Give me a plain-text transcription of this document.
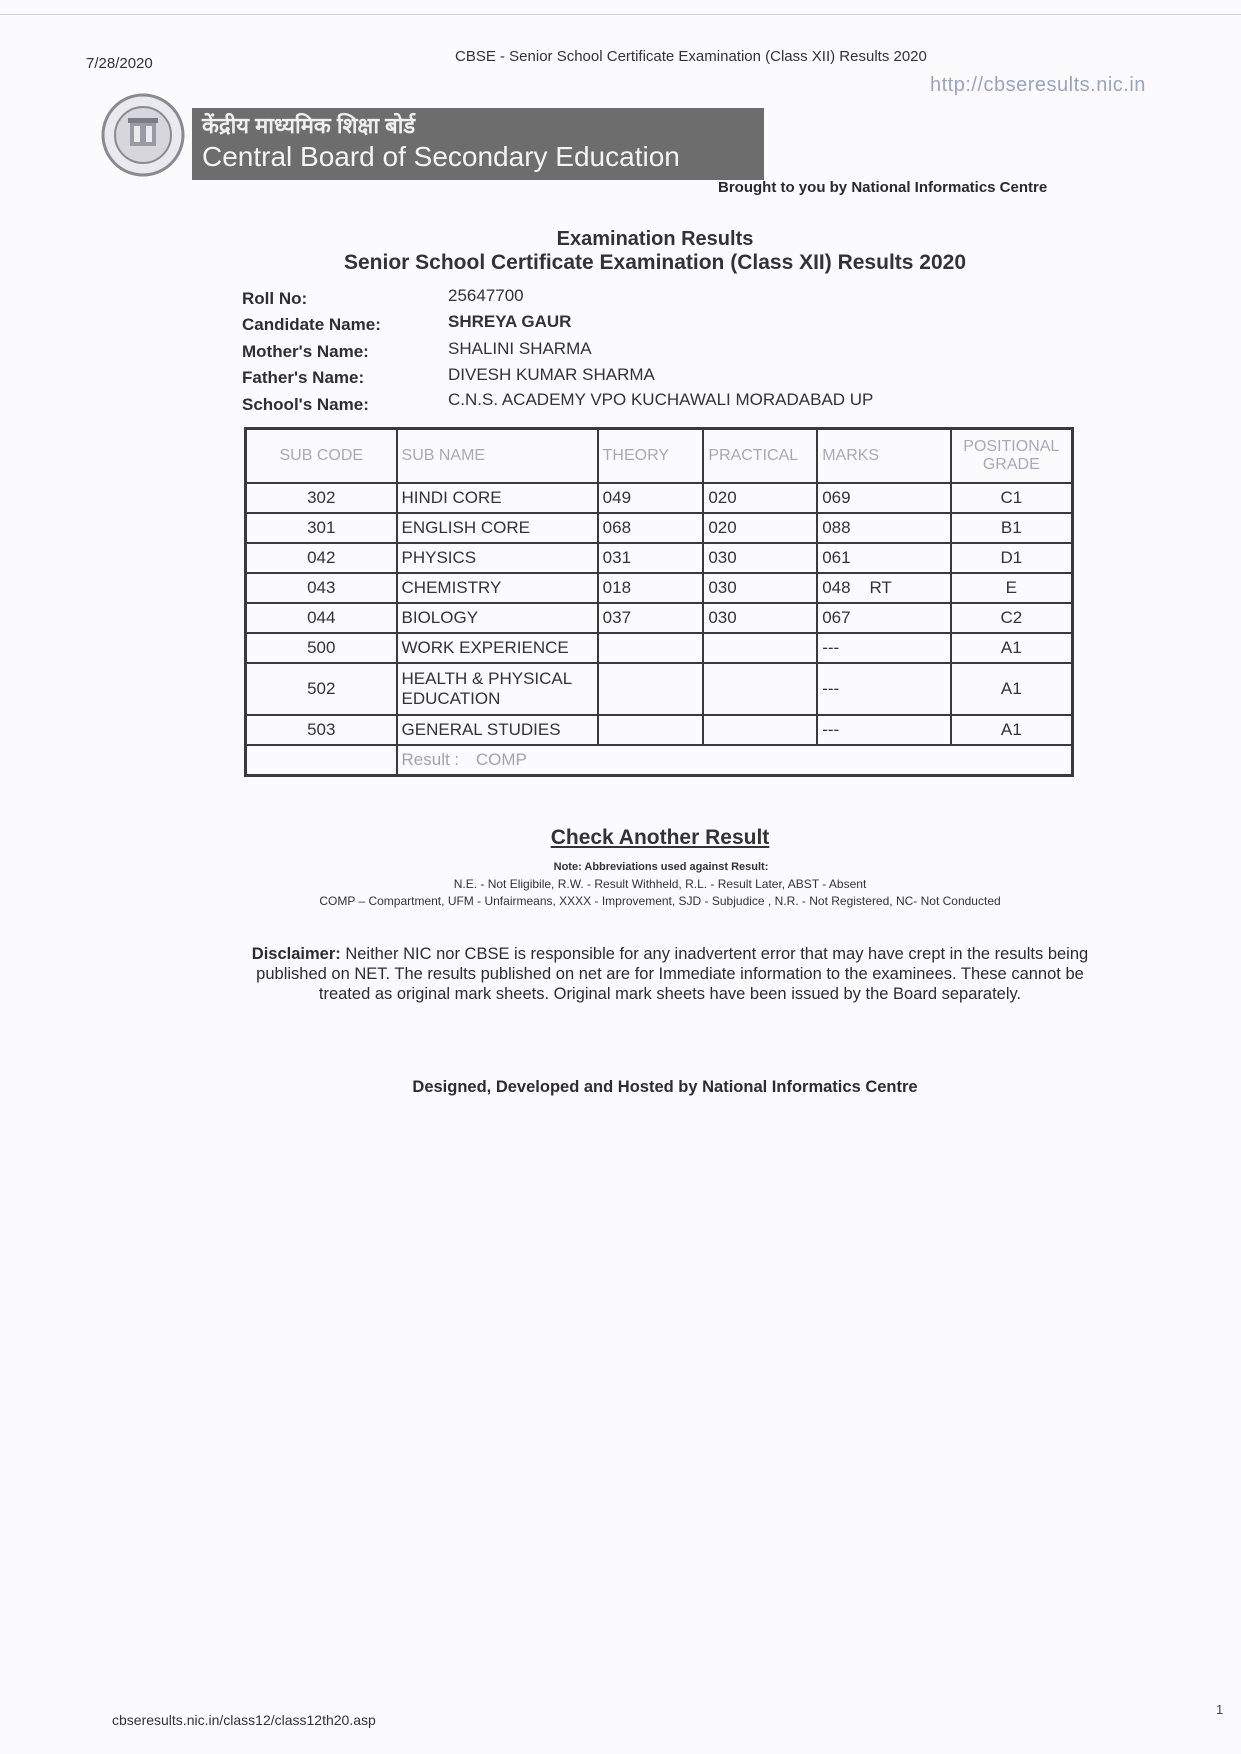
7/28/2020	CBSE - Senior School Certificate Examination (Class XII) Results 2020
http://cbseresults.nic.in
केंद्रीय माध्यमिक शिक्षा बोर्ड
Central Board of Secondary Education
Brought to you by National Informatics Centre
Examination Results
Senior School Certificate Examination (Class XII) Results 2020
Roll No:	25647700
Candidate Name:	SHREYA GAUR
Mother's Name:	SHALINI SHARMA
Father's Name:	DIVESH KUMAR SHARMA
School's Name:	C.N.S. ACADEMY VPO KUCHAWALI MORADABAD UP
SUB CODE	SUB NAME	THEORY	PRACTICAL	MARKS	POSITIONAL
GRADE

302	HINDI CORE	049	020	069	C1
301	ENGLISH CORE	068	020	088	B1
042	PHYSICS	031	030	061	D1
043	CHEMISTRY	018	030	048    RT	E
044	BIOLOGY	037	030	067	C2
500	WORK EXPERIENCE			---	A1
502	HEALTH & PHYSICAL EDUCATION			---	A1
503	GENERAL STUDIES			---	A1
	Result : COMP				
Check Another Result
Note: Abbreviations used against Result:
N.E. - Not Eligibile, R.W. - Result Withheld, R.L. - Result Later, ABST - Absent
COMP – Compartment, UFM - Unfairmeans, XXXX - Improvement, SJD - Subjudice , N.R. - Not Registered, NC- Not Conducted
Disclaimer: Neither NIC nor CBSE is responsible for any inadvertent error that may have crept in the results being published on NET. The results published on net are for Immediate information to the examinees. These cannot be treated as original mark sheets. Original mark sheets have been issued by the Board separately.
Designed, Developed and Hosted by National Informatics Centre
cbseresults.nic.in/class12/class12th20.asp
1
